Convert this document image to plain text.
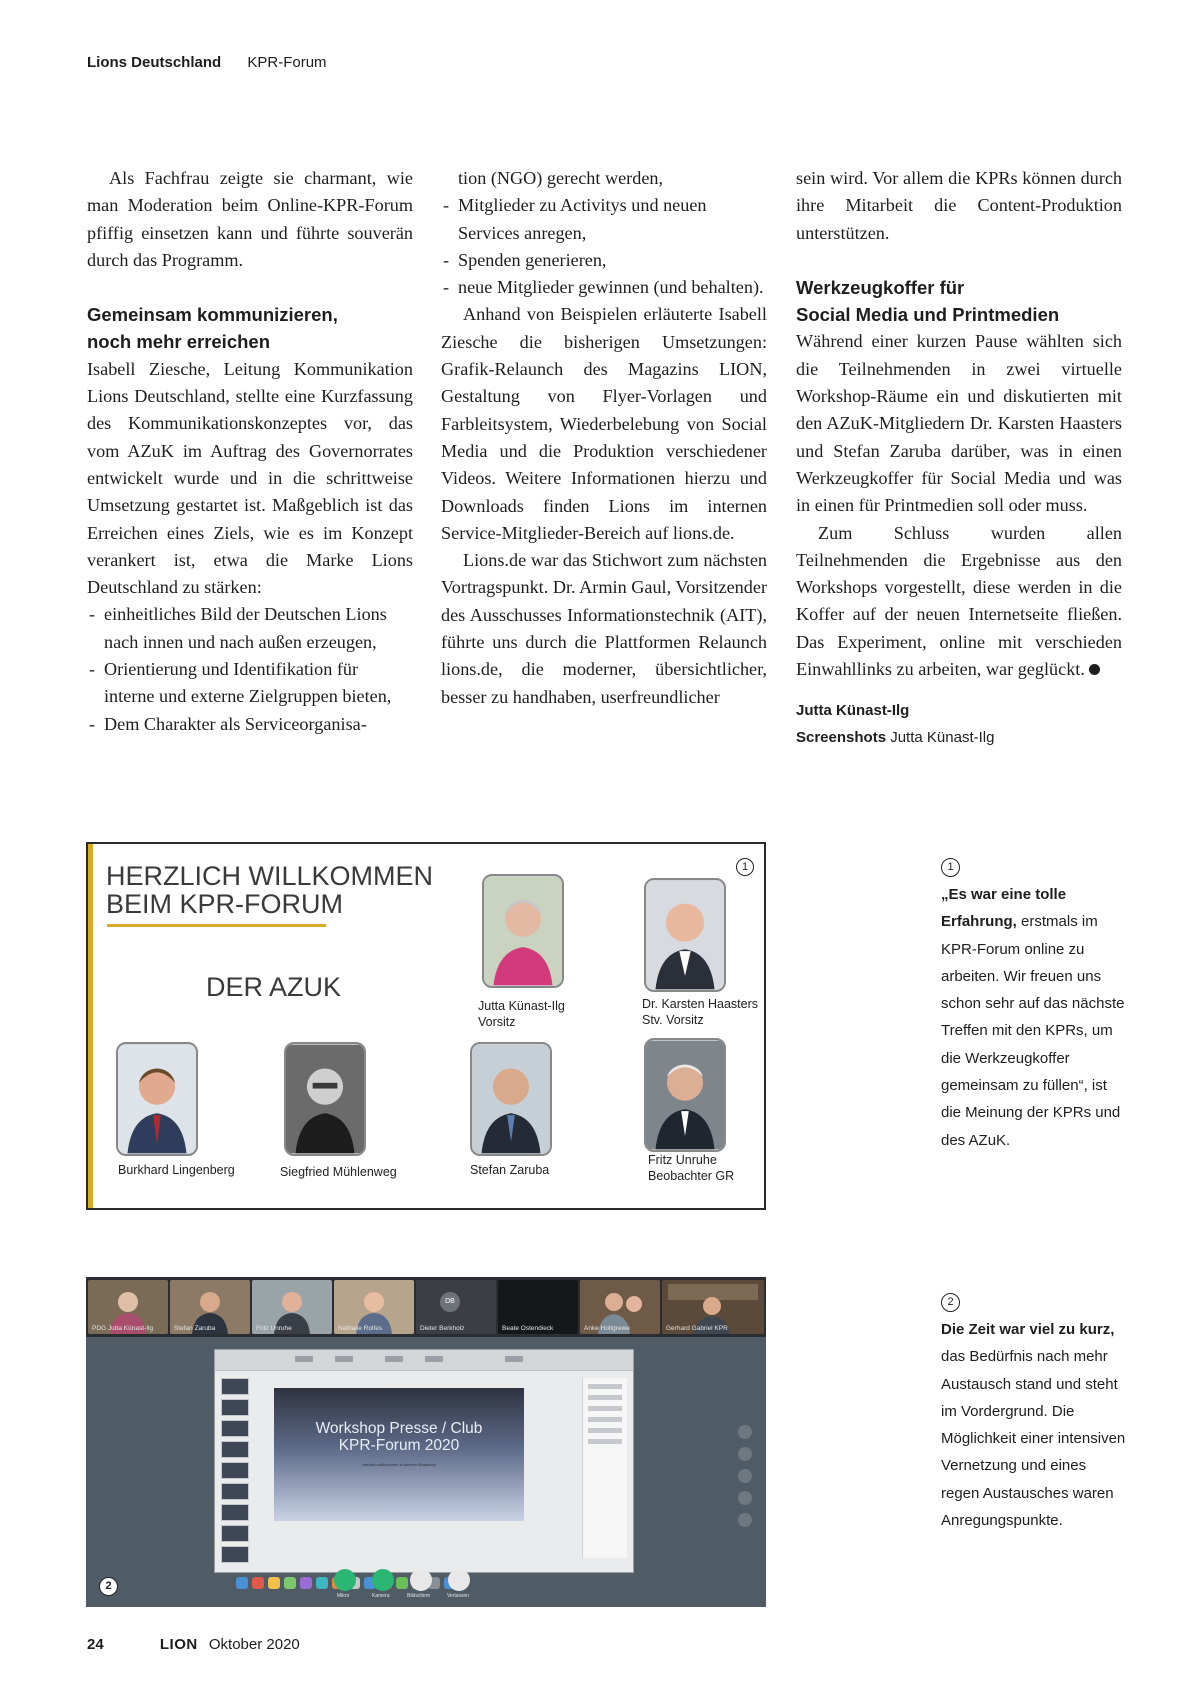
Lions Deutschland KPR-Forum

Als Fachfrau zeigte sie charmant, wie man Moderation beim Online-KPR-Forum pfiffig einsetzen kann und führte souverän durch das Programm.

Gemeinsam kommunizieren,
noch mehr erreichen

Isabell Ziesche, Leitung Kommunikation Lions Deutschland, stellte eine Kurzfassung des Kommunikationskonzeptes vor, das vom AZuK im Auftrag des Governorrates entwickelt wurde und in die schrittweise Umsetzung gestartet ist. Maßgeblich ist das Erreichen eines Ziels, wie es im Konzept verankert ist, etwa die Marke Lions Deutschland zu stärken:

- einheitliches Bild der Deutschen Lions nach innen und nach außen erzeugen,
- Orientierung und Identifikation für interne und externe Zielgruppen bieten,
- Dem Charakter als Serviceorganisa-

tion (NGO) gerecht werden,

- Mitglieder zu Activitys und neuen Services anregen,
- Spenden generieren,
- neue Mitglieder gewinnen (und behalten).

Anhand von Beispielen erläuterte Isabell Ziesche die bisherigen Umsetzungen: Grafik-Relaunch des Magazins LION, Gestaltung von Flyer-Vorlagen und Farbleitsystem, Wiederbelebung von Social Media und die Produktion verschiedener Videos. Weitere Informationen hierzu und Downloads finden Lions im internen Service-Mitglieder-Bereich auf lions.de.

Lions.de war das Stichwort zum nächsten Vortragspunkt. Dr. Armin Gaul, Vorsitzender des Ausschusses Informationstechnik (AIT), führte uns durch die Plattformen Relaunch lions.de, die moderner, übersichtlicher, besser zu handhaben, userfreundlicher

sein wird. Vor allem die KPRs können durch ihre Mitarbeit die Content-Produktion unterstützen.

Werkzeugkoffer für
Social Media und Printmedien

Während einer kurzen Pause wählten sich die Teilnehmenden in zwei virtuelle Workshop-Räume ein und diskutierten mit den AZuK-Mitgliedern Dr. Karsten Haasters und Stefan Zaruba darüber, was in einen Werkzeugkoffer für Social Media und was in einen für Printmedien soll oder muss.

Zum Schluss wurden allen Teilnehmenden die Ergebnisse aus den Workshops vorgestellt, diese werden in die Koffer auf der neuen Internetseite fließen. Das Experiment, online mit verschieden Einwahllinks zu arbeiten, war geglückt.

Jutta Künast-Ilg

Screenshots Jutta Künast-Ilg

HERZLICH WILLKOMMEN
BEIM KPR-FORUM
DER AZUK
1
Jutta Künast-Ilg
Vorsitz
Dr. Karsten Haasters
Stv. Vorsitz
Burkhard Lingenberg	Siegfried Mühlenweg	Stefan Zaruba
Fritz Unruhe
Beobachter GR
PDG Jutta Künast-Ilg	Stefan Zaruba	Fritz Unruhe	Nathalie Rolfes
DB
Dieter Berkholz	Beate Ostendieck	Anke Holtgrewe	Gerhard Gabriel KPR
Workshop Presse / Club
KPR-Forum 2020
Herzlich willkommen in diesem Workshop
Mikro	Kamera	Bildschirm	Verlassen
2
1
„Es war eine tolle Erfahrung, erstmals im KPR-Forum online zu arbeiten. Wir freuen uns schon sehr auf das nächste Treffen mit den KPRs, um die Werkzeugkoffer gemeinsam zu füllen“, ist die Meinung der KPRs und des AZuK.
2
Die Zeit war viel zu kurz, das Bedürfnis nach mehr Austausch stand und steht im Vordergrund. Die Möglichkeit einer intensiven Vernetzung und eines regen Austausches waren Anregungspunkte.
24	LION Oktober 2020
